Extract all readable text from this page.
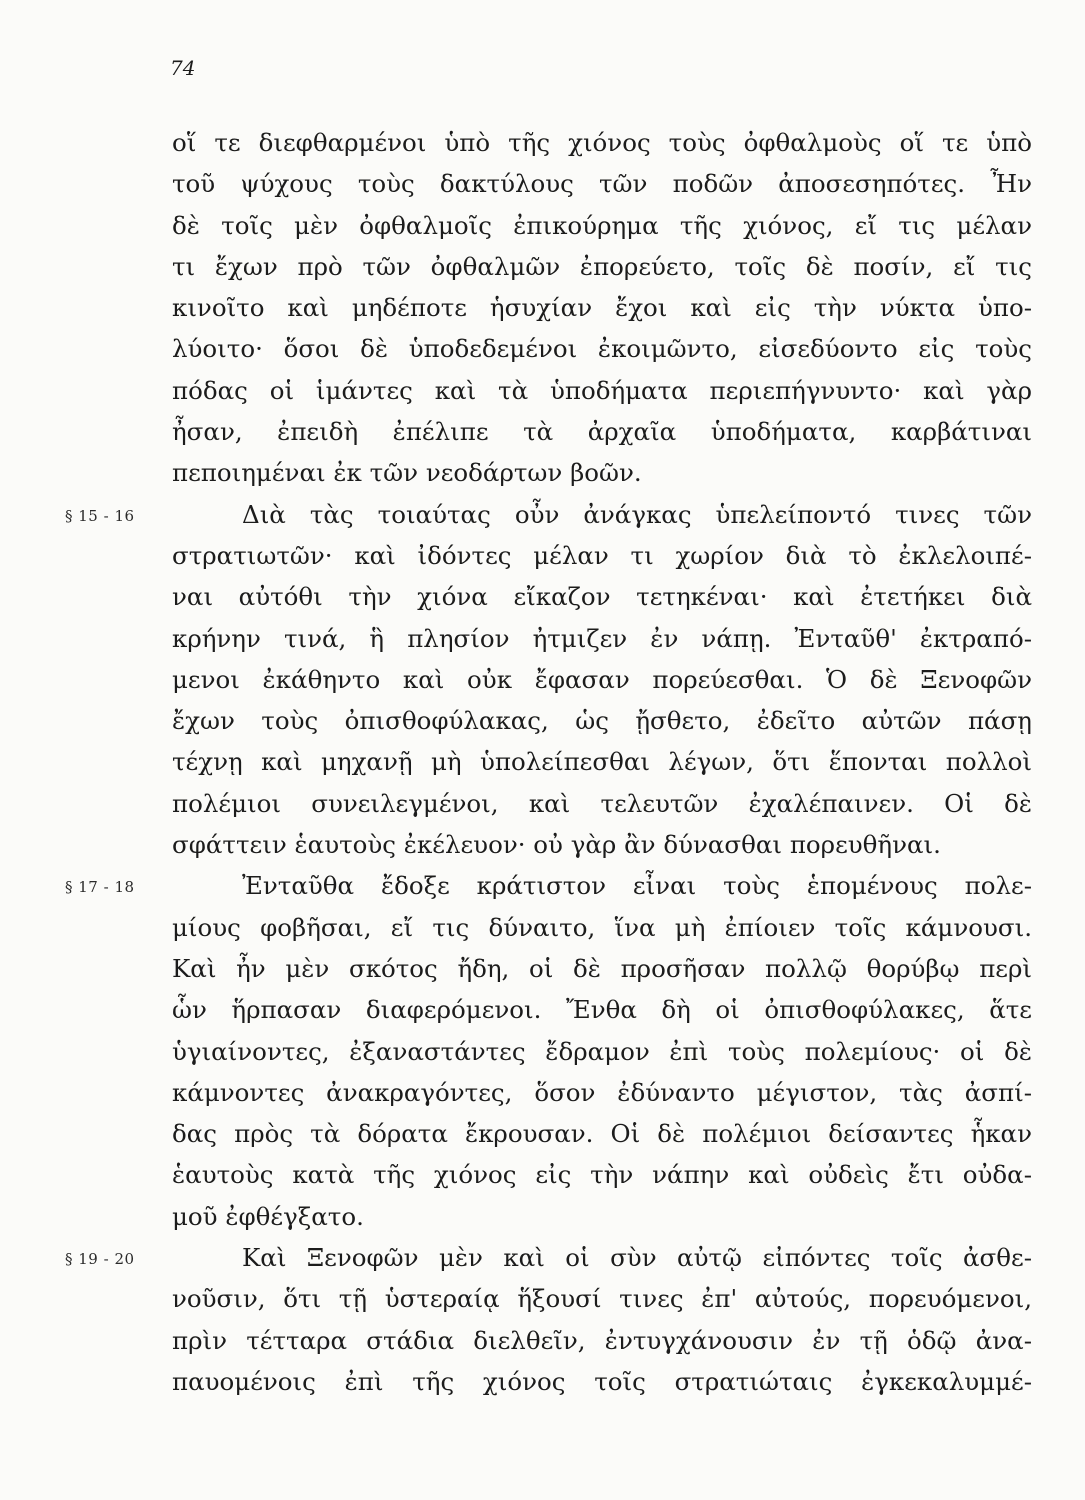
74
οἵ τε διεφθαρμένοι ὑπὸ τῆς χιόνος τοὺς ὀφθαλμοὺς οἵ τε ὑπὸ
τοῦ ψύχους τοὺς δακτύλους τῶν ποδῶν ἀποσεσηπότες. Ἦν
δὲ τοῖς μὲν ὀφθαλμοῖς ἐπικούρημα τῆς χιόνος, εἴ τις μέλαν
τι ἔχων πρὸ τῶν ὀφθαλμῶν ἐπορεύετο, τοῖς δὲ ποσίν, εἴ τις
κινοῖτο καὶ μηδέποτε ἡσυχίαν ἔχοι καὶ εἰς τὴν νύκτα ὑπο-
λύοιτο· ὅσοι δὲ ὑποδεδεμένοι ἐκοιμῶντο, εἰσεδύοντο εἰς τοὺς
πόδας οἱ ἱμάντες καὶ τὰ ὑποδήματα περιεπήγνυντο· καὶ γὰρ
ἦσαν, ἐπειδὴ ἐπέλιπε τὰ ἀρχαῖα ὑποδήματα, καρβάτιναι
πεποιημέναι ἐκ τῶν νεοδάρτων βοῶν.
§ 15 - 16	Διὰ τὰς τοιαύτας οὖν ἀνάγκας ὑπελείποντό τινες τῶν
στρατιωτῶν· καὶ ἰδόντες μέλαν τι χωρίον διὰ τὸ ἐκλελοιπέ-
ναι αὐτόθι τὴν χιόνα εἴκαζον τετηκέναι· καὶ ἐτετήκει διὰ
κρήνην τινά, ἣ πλησίον ἠτμιζεν ἐν νάπῃ. Ἐνταῦθ' ἐκτραπό-
μενοι ἐκάθηντο καὶ οὐκ ἔφασαν πορεύεσθαι. Ὁ δὲ Ξενοφῶν
ἔχων τοὺς ὀπισθοφύλακας, ὡς ᾔσθετο, ἐδεῖτο αὐτῶν πάσῃ
τέχνῃ καὶ μηχανῇ μὴ ὑπολείπεσθαι λέγων, ὅτι ἕπονται πολλοὶ
πολέμιοι συνειλεγμένοι, καὶ τελευτῶν ἐχαλέπαινεν. Οἱ δὲ
σφάττειν ἑαυτοὺς ἐκέλευον· οὐ γὰρ ἂν δύνασθαι πορευθῆναι.
§ 17 - 18	Ἐνταῦθα ἔδοξε κράτιστον εἶναι τοὺς ἑπομένους πολε-
μίους φοβῆσαι, εἴ τις δύναιτο, ἵνα μὴ ἐπίοιεν τοῖς κάμνουσι.
Καὶ ἦν μὲν σκότος ἤδη, οἱ δὲ προσῆσαν πολλῷ θορύβῳ περὶ
ὧν ἥρπασαν διαφερόμενοι. Ἔνθα δὴ οἱ ὀπισθοφύλακες, ἅτε
ὑγιαίνοντες, ἐξαναστάντες ἔδραμον ἐπὶ τοὺς πολεμίους· οἱ δὲ
κάμνοντες ἀνακραγόντες, ὅσον ἐδύναντο μέγιστον, τὰς ἀσπί-
δας πρὸς τὰ δόρατα ἔκρουσαν. Οἱ δὲ πολέμιοι δείσαντες ἧκαν
ἑαυτοὺς κατὰ τῆς χιόνος εἰς τὴν νάπην καὶ οὐδεὶς ἔτι οὐδα-
μοῦ ἐφθέγξατο.
§ 19 - 20	Καὶ Ξενοφῶν μὲν καὶ οἱ σὺν αὐτῷ εἰπόντες τοῖς ἀσθε-
νοῦσιν, ὅτι τῇ ὑστεραίᾳ ἥξουσί τινες ἐπ' αὐτούς, πορευόμενοι,
πρὶν τέτταρα στάδια διελθεῖν, ἐντυγχάνουσιν ἐν τῇ ὁδῷ ἀνα-
παυομένοις ἐπὶ τῆς χιόνος τοῖς στρατιώταις ἐγκεκαλυμμέ-
